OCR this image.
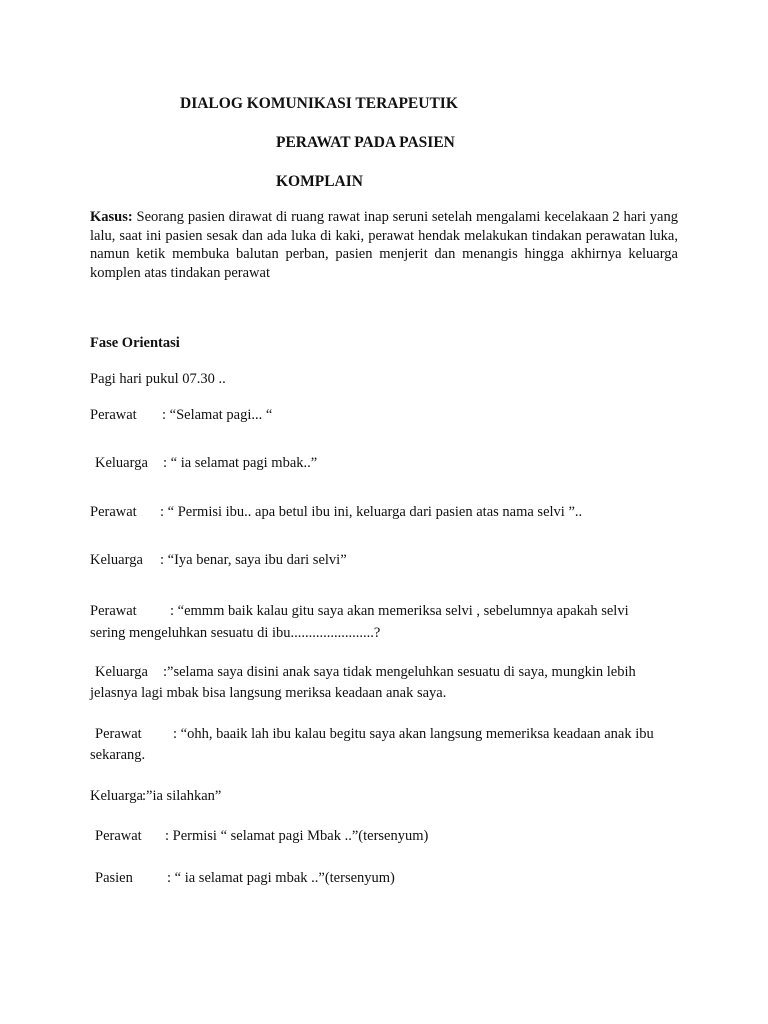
DIALOG KOMUNIKASI TERAPEUTIK
PERAWAT PADA PASIEN
KOMPLAIN
Kasus: Seorang pasien dirawat di ruang rawat inap seruni setelah mengalami kecelakaan 2 hari yang lalu, saat ini pasien sesak dan ada luka di kaki, perawat hendak melakukan tindakan perawatan luka, namun ketik membuka balutan perban, pasien menjerit dan menangis hingga akhirnya keluarga komplen atas tindakan perawat
Fase Orientasi
Pagi hari pukul 07.30 ..
Perawat : “Selamat pagi... “
Keluarga : “ ia selamat pagi mbak..”
Perawat : “ Permisi ibu.. apa betul ibu ini, keluarga dari pasien atas nama selvi ”..
Keluarga : “Iya benar, saya ibu dari selvi”
Perawat : “emmm baik kalau gitu saya akan memeriksa selvi , sebelumnya apakah selvi
sering mengeluhkan sesuatu di ibu.......................?
Keluarga :”selama saya disini anak saya tidak mengeluhkan sesuatu di saya, mungkin lebih
jelasnya lagi mbak bisa langsung meriksa keadaan anak saya.
Perawat : “ohh, baaik lah ibu kalau begitu saya akan langsung memeriksa keadaan anak ibu
sekarang.
Keluarga:”ia silahkan”
Perawat : Permisi “ selamat pagi Mbak ..”(tersenyum)
Pasien : “ ia selamat pagi mbak ..”(tersenyum)
